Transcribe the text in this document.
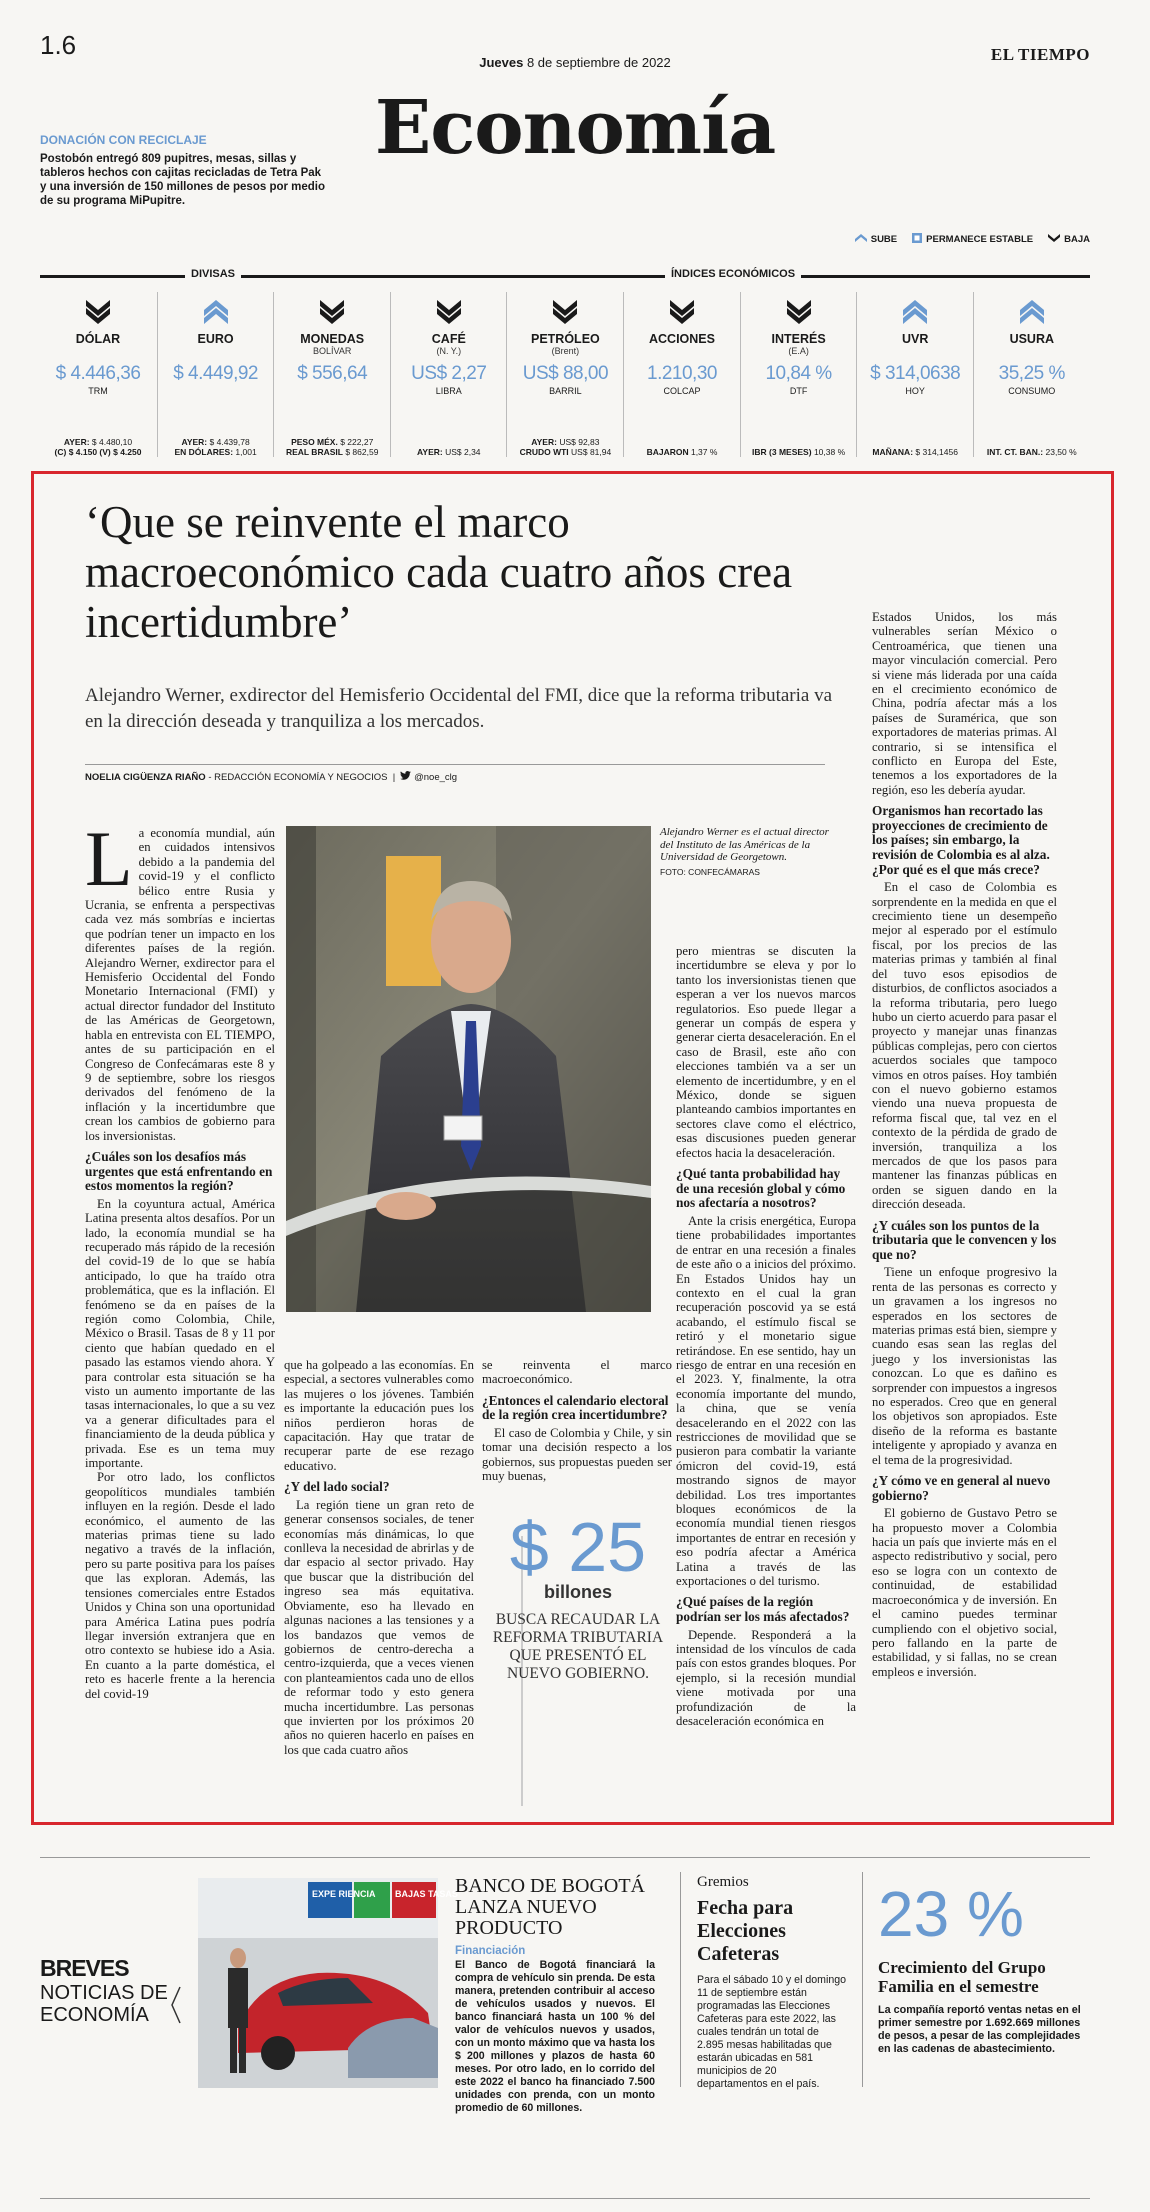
1.6
Jueves 8 de septiembre de 2022	EL TIEMPO
Economía
DONACIÓN CON RECICLAJE
Postobón entregó 809 pupitres, mesas, sillas y tableros hechos con cajitas recicladas de Tetra Pak y una inversión de 150 millones de pesos por medio de su programa MiPupitre.
SUBE	PERMANECE ESTABLE	BAJA
DIVISAS	ÍNDICES ECONÓMICOS
DÓLAR
$ 4.446,36
TRM
AYER: $ 4.480,10
(C) $ 4.150 (V) $ 4.250
EURO
$ 4.449,92
AYER: $ 4.439,78
EN DÓLARES: 1,001
MONEDAS
BOLÍVAR
$ 556,64
PESO MÉX. $ 222,27
REAL BRASIL $ 862,59
CAFÉ
(N. Y.)
US$ 2,27
LIBRA
AYER: US$ 2,34
PETRÓLEO
(Brent)
US$ 88,00
BARRIL
AYER: US$ 92,83
CRUDO WTI US$ 81,94
ACCIONES
1.210,30
COLCAP
BAJARON 1,37 %
INTERÉS
(E.A)
10,84 %
DTF
IBR (3 MESES) 10,38 %
UVR
$ 314,0638
HOY
MAÑANA: $ 314,1456
USURA
35,25 %
CONSUMO
INT. CT. BAN.: 23,50 %
‘Que se reinvente el marco macroeconómico cada cuatro años crea incertidumbre’
Alejandro Werner, exdirector del Hemisferio Occidental del FMI, dice que la reforma tributaria va en la dirección deseada y tranquiliza a los mercados.
NOELIA CIGÜENZA RIAÑO - REDACCIÓN ECONOMÍA Y NEGOCIOS  |   @noe_clg

La economía mundial, aún en cuidados intensivos debido a la pandemia del covid-19 y el conflicto bélico entre Rusia y Ucrania, se enfrenta a perspectivas cada vez más sombrías e inciertas que podrían tener un impacto en los diferentes países de la región. Alejandro Werner, exdirector para el Hemisferio Occidental del Fondo Monetario Internacional (FMI) y actual director fundador del Instituto de las Américas de Georgetown, habla en entrevista con EL TIEMPO, antes de su participación en el Congreso de Confecámaras este 8 y 9 de septiembre, sobre los riesgos derivados del fenómeno de la inflación y la incertidumbre que crean los cambios de gobierno para los inversionistas.

¿Cuáles son los desafíos más urgentes que está enfrentando en estos momentos la región?

En la coyuntura actual, América Latina presenta altos desafíos. Por un lado, la economía mundial se ha recuperado más rápido de la recesión del covid-19 de lo que se había anticipado, lo que ha traído otra problemática, que es la inflación. El fenómeno se da en países de la región como Colombia, Chile, México o Brasil. Tasas de 8 y 11 por ciento que habían quedado en el pasado las estamos viendo ahora. Y para controlar esta situación se ha visto un aumento importante de las tasas internacionales, lo que a su vez va a generar dificultades para el financiamiento de la deuda pública y privada. Ese es un tema muy importante.

Por otro lado, los conflictos geopolíticos mundiales también influyen en la región. Desde el lado económico, el aumento de las materias primas tiene su lado negativo a través de la inflación, pero su parte positiva para los países que las exploran. Además, las tensiones comerciales entre Estados Unidos y China son una oportunidad para América Latina pues podría llegar inversión extranjera que en otro contexto se hubiese ido a Asia. En cuanto a la parte doméstica, el reto es hacerle frente a la herencia del covid-19

Alejandro Werner es el actual director del Instituto de las Américas de la Universidad de Georgetown.
FOTO: CONFECÁMARAS

que ha golpeado a las economías. En especial, a sectores vulnerables como las mujeres o los jóvenes. También es importante la educación pues los niños perdieron horas de capacitación. Hay que tratar de recuperar parte de ese rezago educativo.

¿Y del lado social?

La región tiene un gran reto de generar consensos sociales, de tener economías más dinámicas, lo que conlleva la necesidad de abrirlas y de dar espacio al sector privado. Hay que buscar que la distribución del ingreso sea más equitativa. Obviamente, eso ha llevado en algunas naciones a las tensiones y a los bandazos que vemos de gobiernos de centro-derecha a centro-izquierda, que a veces vienen con planteamientos cada uno de ellos de reformar todo y esto genera mucha incertidumbre. Las personas que invierten por los próximos 20 años no quieren hacerlo en países en los que cada cuatro años

se reinventa el marco macroeconómico.

¿Entonces el calendario electoral de la región crea incertidumbre?

El caso de Colombia y Chile, y sin tomar una decisión respecto a los gobiernos, sus propuestas pueden ser muy buenas,

$ 25
billones
BUSCA RECAUDAR LA REFORMA TRIBUTARIA QUE PRESENTÓ EL NUEVO GOBIERNO.

pero mientras se discuten la incertidumbre se eleva y por lo tanto los inversionistas tienen que esperan a ver los nuevos marcos regulatorios. Eso puede llegar a generar un compás de espera y generar cierta desaceleración. En el caso de Brasil, este año con elecciones también va a ser un elemento de incertidumbre, y en el México, donde se siguen planteando cambios importantes en sectores clave como el eléctrico, esas discusiones pueden generar efectos hacia la desaceleración.

¿Qué tanta probabilidad hay de una recesión global y cómo nos afectaría a nosotros?

Ante la crisis energética, Europa tiene probabilidades importantes de entrar en una recesión a finales de este año o a inicios del próximo. En Estados Unidos hay un contexto en el cual la gran recuperación poscovid ya se está acabando, el estímulo fiscal se retiró y el monetario sigue retirándose. En ese sentido, hay un riesgo de entrar en una recesión en el 2023. Y, finalmente, la otra economía importante del mundo, la china, que se venía desacelerando en el 2022 con las restricciones de movilidad que se pusieron para combatir la variante ómicron del covid-19, está mostrando signos de mayor debilidad. Los tres importantes bloques económicos de la economía mundial tienen riesgos importantes de entrar en recesión y eso podría afectar a América Latina a través de las exportaciones o del turismo.

¿Qué países de la región podrían ser los más afectados?

Depende. Responderá a la intensidad de los vínculos de cada país con estos grandes bloques. Por ejemplo, si la recesión mundial viene motivada por una profundización de la desaceleración económica en

Estados Unidos, los más vulnerables serían México o Centroamérica, que tienen una mayor vinculación comercial. Pero si viene más liderada por una caída en el crecimiento económico de China, podría afectar más a los países de Suramérica, que son exportadores de materias primas. Al contrario, si se intensifica el conflicto en Europa del Este, tenemos a los exportadores de la región, eso les debería ayudar.

Organismos han recortado las proyecciones de crecimiento de los países; sin embargo, la revisión de Colombia es al alza. ¿Por qué es el que más crece?

En el caso de Colombia es sorprendente en la medida en que el crecimiento tiene un desempeño mejor al esperado por el estímulo fiscal, por los precios de las materias primas y también al final del tuvo esos episodios de disturbios, de conflictos asociados a la reforma tributaria, pero luego hubo un cierto acuerdo para pasar el proyecto y manejar unas finanzas públicas complejas, pero con ciertos acuerdos sociales que tampoco vimos en otros países. Hoy también con el nuevo gobierno estamos viendo una nueva propuesta de reforma fiscal que, tal vez en el contexto de la pérdida de grado de inversión, tranquiliza a los mercados de que los pasos para mantener las finanzas públicas en orden se siguen dando en la dirección deseada.

¿Y cuáles son los puntos de la tributaria que le convencen y los que no?

Tiene un enfoque progresivo la renta de las personas es correcto y un gravamen a los ingresos no esperados en los sectores de materias primas está bien, siempre y cuando esas sean las reglas del juego y los inversionistas las conozcan. Lo que es dañino es sorprender con impuestos a ingresos no esperados. Creo que en general los objetivos son apropiados. Este diseño de la reforma es bastante inteligente y apropiado y avanza en el tema de la progresividad.

¿Y cómo ve en general al nuevo gobierno?

El gobierno de Gustavo Petro se ha propuesto mover a Colombia hacia un país que invierte más en el aspecto redistributivo y social, pero eso se logra con un contexto de continuidad, de estabilidad macroeconómica y de inversión. En el camino puedes terminar cumpliendo con el objetivo social, pero fallando en la parte de estabilidad, y si fallas, no se crean empleos e inversión.

BREVES
NOTICIAS DE ECONOMÍA
EXPE RIENCIA BAJAS TASAS
BANCO DE BOGOTÁ LANZA NUEVO PRODUCTO
Financiación
El Banco de Bogotá financiará la compra de vehículo sin prenda. De esta manera, pretenden contribuir al acceso de vehículos usados y nuevos. El banco financiará hasta un 100 % del valor de vehículos nuevos y usados, con un monto máximo que va hasta los $ 200 millones y plazos de hasta 60 meses. Por otro lado, en lo corrido del este 2022 el banco ha financiado 7.500 unidades con prenda, con un monto promedio de 60 millones.
Gremios
Fecha para Elecciones Cafeteras
Para el sábado 10 y el domingo 11 de septiembre están programadas las Elecciones Cafeteras para este 2022, las cuales tendrán un total de 2.895 mesas habilitadas que estarán ubicadas en 581 municipios de 20 departamentos en el país.
23 %
Crecimiento del Grupo Familia en el semestre
La compañía reportó ventas netas en el primer semestre por 1.692.669 millones de pesos, a pesar de las complejidades en las cadenas de abastecimiento.
